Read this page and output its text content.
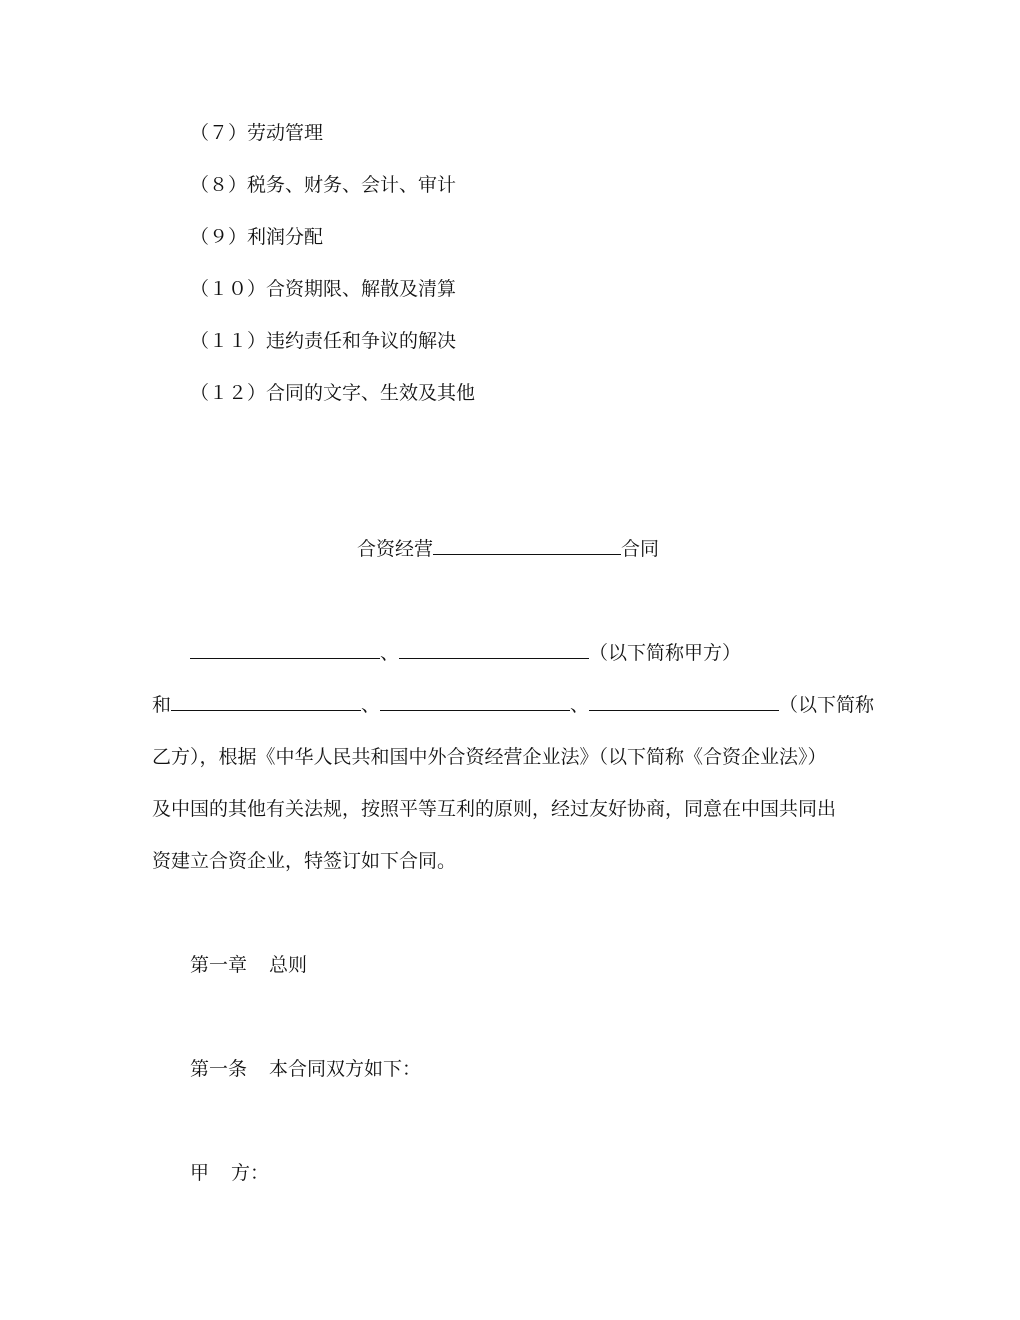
（７）劳动管理
（８）税务、财务、会计、审计
（９）利润分配
（１０）合资期限、解散及清算
（１１）违约责任和争议的解决
（１２）合同的文字、生效及其他
合资经营	合同
、	（以下简称甲方）
和	、	、	（以下简称
乙方），根据《中华人民共和国中外合资经营企业法》（以下简称《合资企业法》）
及中国的其他有关法规，按照平等互利的原则，经过友好协商，同意在中国共同出
资建立合资企业，特签订如下合同。
第一章 总则
第一条 本合同双方如下：
甲 方：
